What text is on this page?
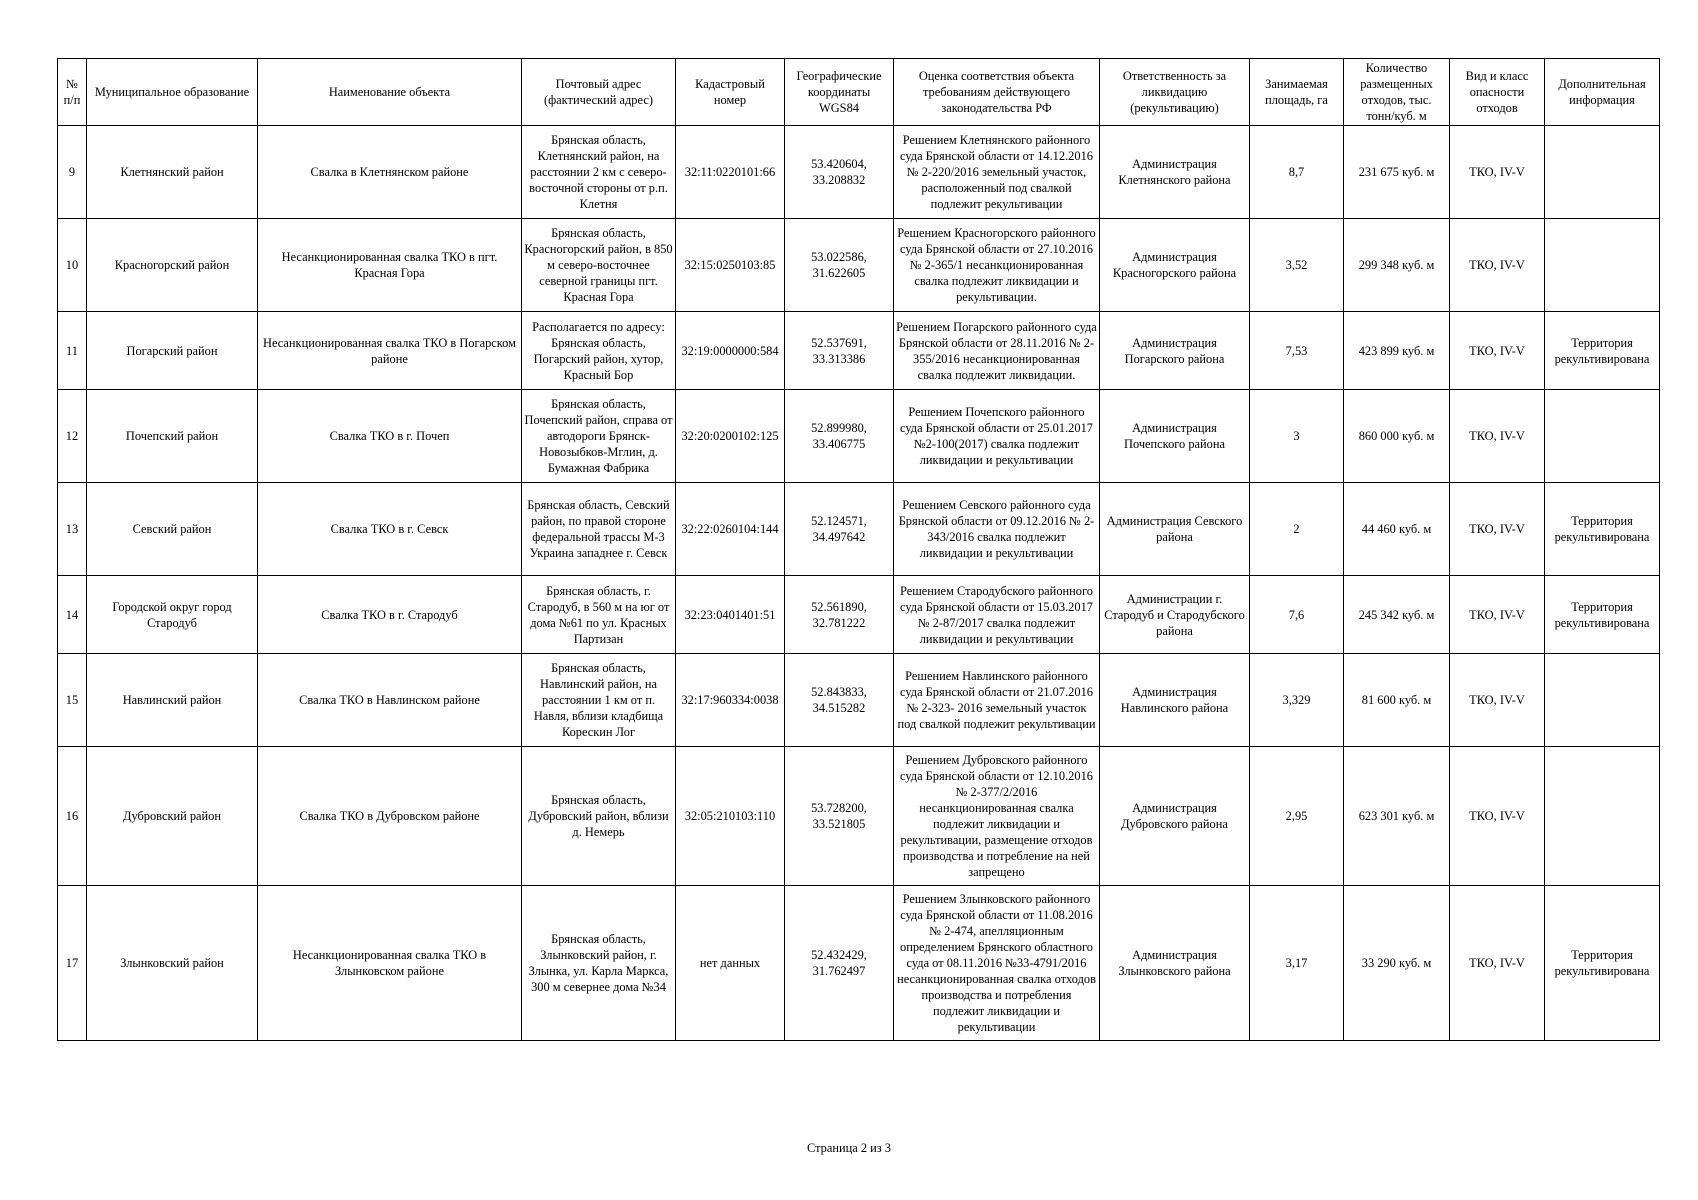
№ п/п	Муниципальное образование	Наименование объекта	Почтовый адрес (фактический адрес)	Кадастровый номер	Географические координаты WGS84	Оценка соответствия объекта требованиям действующего законодательства РФ	Ответственность за ликвидацию (рекультивацию)	Занимаемая площадь, га	Количество размещенных отходов, тыс. тонн/куб. м	Вид и класс опасности отходов	Дополнительная информация
9	Клетнянский район	Свалка в Клетнянском районе	Брянская область, Клетнянский район, на расстоянии 2 км с северо-восточной стороны от р.п. Клетня	32:11:0220101:66	53.420604, 33.208832	Решением Клетнянского районного суда Брянской области от 14.12.2016 № 2-220/2016 земельный участок, расположенный под свалкой подлежит рекультивации	Администрация Клетнянского района	8,7	231 675 куб. м	ТКО, IV-V	
10	Красногорский район	Несанкционированная свалка ТКО в пгт. Красная Гора	Брянская область, Красногорский район, в 850 м северо-восточнее северной границы пгт. Красная Гора	32:15:0250103:85	53.022586, 31.622605	Решением Красногорского районного суда Брянской области от 27.10.2016 № 2-365/1 несанкционированная свалка подлежит ликвидации и рекультивации.	Администрация Красногорского района	3,52	299 348 куб. м	ТКО, IV-V	
11	Погарский район	Несанкционированная свалка ТКО в Погарском районе	Располагается по адресу: Брянская область, Погарский район, хутор, Красный Бор	32:19:0000000:584	52.537691, 33.313386	Решением Погарского районного суда Брянской области от 28.11.2016 № 2-355/2016 несанкционированная свалка подлежит ликвидации.	Администрация Погарского района	7,53	423 899 куб. м	ТКО, IV-V	Территория рекультивирована
12	Почепский район	Свалка ТКО в г. Почеп	Брянская область, Почепский район, справа от автодороги Брянск-Новозыбков-Мглин, д. Бумажная Фабрика	32:20:0200102:125	52.899980, 33.406775	Решением Почепского районного суда Брянской области от 25.01.2017 №2-100(2017) свалка подлежит ликвидации и рекультивации	Администрация Почепского района	3	860 000 куб. м	ТКО, IV-V	
13	Севский район	Свалка ТКО в г. Севск	Брянская область, Севский район, по правой стороне федеральной трассы М-3 Украина западнее г. Севск	32:22:0260104:144	52.124571, 34.497642	Решением Севского районного суда Брянской области от 09.12.2016 № 2-343/2016 свалка подлежит ликвидации и рекультивации	Администрация Севского района	2	44 460 куб. м	ТКО, IV-V	Территория рекультивирована
14	Городской округ город Стародуб	Свалка ТКО в г. Стародуб	Брянская область, г. Стародуб, в 560 м на юг от дома №61 по ул. Красных Партизан	32:23:0401401:51	52.561890, 32.781222	Решением Стародубского районного суда Брянской области от 15.03.2017 № 2-87/2017 свалка подлежит ликвидации и рекультивации	Администрации г. Стародуб и Стародубского района	7,6	245 342 куб. м	ТКО, IV-V	Территория рекультивирована
15	Навлинский район	Свалка ТКО в Навлинском районе	Брянская область, Навлинский район, на расстоянии 1 км от п. Навля, вблизи кладбища Корескин Лог	32:17:960334:0038	52.843833, 34.515282	Решением Навлинского районного суда Брянской области от 21.07.2016 № 2-323- 2016 земельный участок под свалкой подлежит рекультивации	Администрация Навлинского района	3,329	81 600 куб. м	ТКО, IV-V	
16	Дубровский район	Свалка ТКО в Дубровском районе	Брянская область, Дубровский район, вблизи д. Немерь	32:05:210103:110	53.728200, 33.521805	Решением Дубровского районного суда Брянской области от 12.10.2016 № 2-377/2/2016 несанкционированная свалка подлежит ликвидации и рекультивации, размещение отходов производства и потребление на ней запрещено	Администрация Дубровского района	2,95	623 301 куб. м	ТКО, IV-V	
17	Злынковский район	Несанкционированная свалка ТКО в Злынковском районе	Брянская область, Злынковский район, г. Злынка, ул. Карла Маркса, 300 м севернее дома №34	нет данных	52.432429, 31.762497	Решением Злынковского районного суда Брянской области от 11.08.2016 № 2-474, апелляционным определением Брянского областного суда от 08.11.2016 №33-4791/2016 несанкционированная свалка отходов производства и потребления подлежит ликвидации и рекультивации	Администрация Злынковского района	3,17	33 290 куб. м	ТКО, IV-V	Территория рекультивирована
Страница 2 из 3
